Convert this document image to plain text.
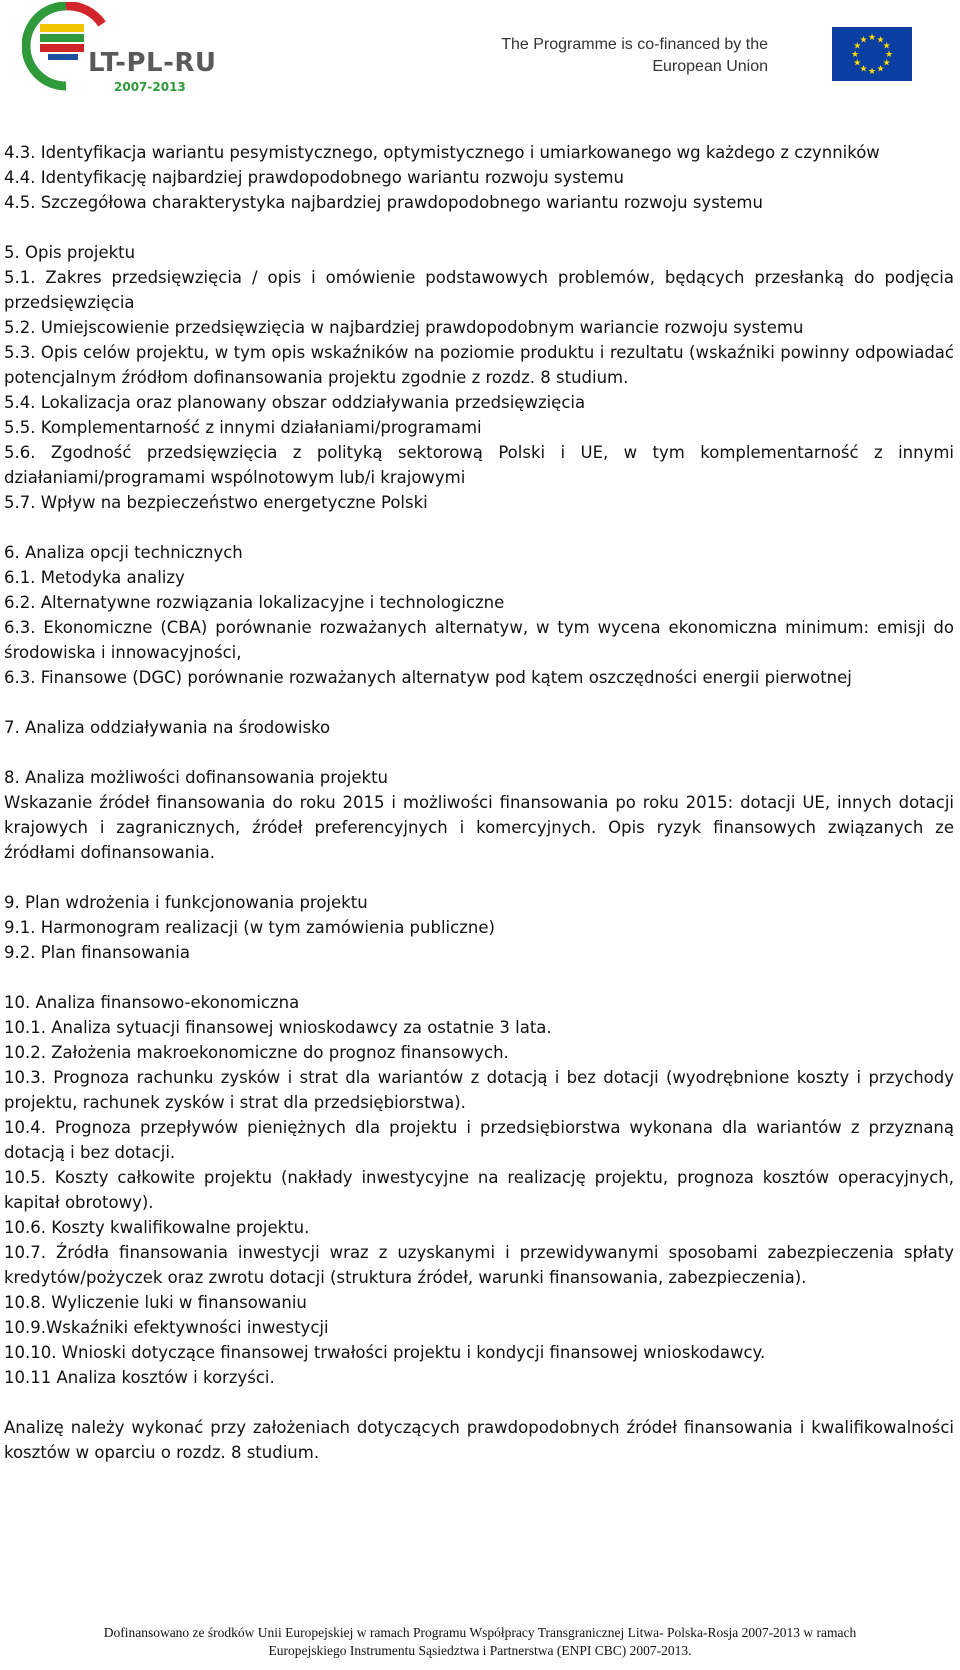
LT-PL-RU
2007-2013
The Programme is co-financed by the
European Union
★
★
★
★
★
★
★
★
★ ★ ★
★

4.3. Identyfikacja wariantu pesymistycznego, optymistycznego i umiarkowanego wg każdego z czynników

4.4. Identyfikację najbardziej prawdopodobnego wariantu rozwoju systemu

4.5. Szczegółowa charakterystyka najbardziej prawdopodobnego wariantu rozwoju systemu

5. Opis projektu

5.1. Zakres przedsięwzięcia / opis i omówienie podstawowych problemów, będących przesłanką do podjęcia przedsięwzięcia

5.2. Umiejscowienie przedsięwzięcia w najbardziej prawdopodobnym wariancie rozwoju systemu

5.3. Opis celów projektu, w tym opis wskaźników na poziomie produktu i rezultatu (wskaźniki powinny odpowiadać potencjalnym źródłom dofinansowania projektu zgodnie z rozdz. 8 studium.

5.4. Lokalizacja oraz planowany obszar oddziaływania przedsięwzięcia

5.5. Komplementarność z innymi działaniami/programami

5.6. Zgodność przedsięwzięcia z polityką sektorową Polski i UE, w tym komplementarność z innymi działaniami/programami wspólnotowym lub/i krajowymi

5.7. Wpływ na bezpieczeństwo energetyczne Polski

6. Analiza opcji technicznych

6.1. Metodyka analizy

6.2. Alternatywne rozwiązania lokalizacyjne i technologiczne

6.3. Ekonomiczne (CBA) porównanie rozważanych alternatyw, w tym wycena ekonomiczna minimum: emisji do środowiska i innowacyjności,

6.3. Finansowe (DGC) porównanie rozważanych alternatyw pod kątem oszczędności energii pierwotnej

7. Analiza oddziaływania na środowisko

8. Analiza możliwości dofinansowania projektu

Wskazanie źródeł finansowania do roku 2015 i możliwości finansowania po roku 2015: dotacji UE, innych dotacji krajowych i zagranicznych, źródeł preferencyjnych i komercyjnych. Opis ryzyk finansowych związanych ze źródłami dofinansowania.

9. Plan wdrożenia i funkcjonowania projektu

9.1. Harmonogram realizacji (w tym zamówienia publiczne)

9.2. Plan finansowania

10. Analiza finansowo-ekonomiczna

10.1. Analiza sytuacji finansowej wnioskodawcy za ostatnie 3 lata.

10.2. Założenia makroekonomiczne do prognoz finansowych.

10.3. Prognoza rachunku zysków i strat dla wariantów z dotacją i bez dotacji (wyodrębnione koszty i przychody projektu, rachunek zysków i strat dla przedsiębiorstwa).

10.4. Prognoza przepływów pieniężnych dla projektu i przedsiębiorstwa wykonana dla wariantów z przyznaną dotacją i bez dotacji.

10.5. Koszty całkowite projektu (nakłady inwestycyjne na realizację projektu, prognoza kosztów operacyjnych, kapitał obrotowy).

10.6. Koszty kwalifikowalne projektu.

10.7. Źródła finansowania inwestycji wraz z uzyskanymi i przewidywanymi sposobami zabezpieczenia spłaty kredytów/pożyczek oraz zwrotu dotacji (struktura źródeł, warunki finansowania, zabezpieczenia).

10.8. Wyliczenie luki w finansowaniu

10.9.Wskaźniki efektywności inwestycji

10.10. Wnioski dotyczące finansowej trwałości projektu i kondycji finansowej wnioskodawcy.

10.11 Analiza kosztów i korzyści.

Analizę należy wykonać przy założeniach dotyczących prawdopodobnych źródeł finansowania i kwalifikowalności kosztów w oparciu o rozdz. 8 studium.

Dofinansowano ze środków Unii Europejskiej w ramach Programu Współpracy Transgranicznej Litwa- Polska-Rosja 2007-2013 w ramach
Europejskiego Instrumentu Sąsiedztwa i Partnerstwa (ENPI CBC) 2007-2013.
